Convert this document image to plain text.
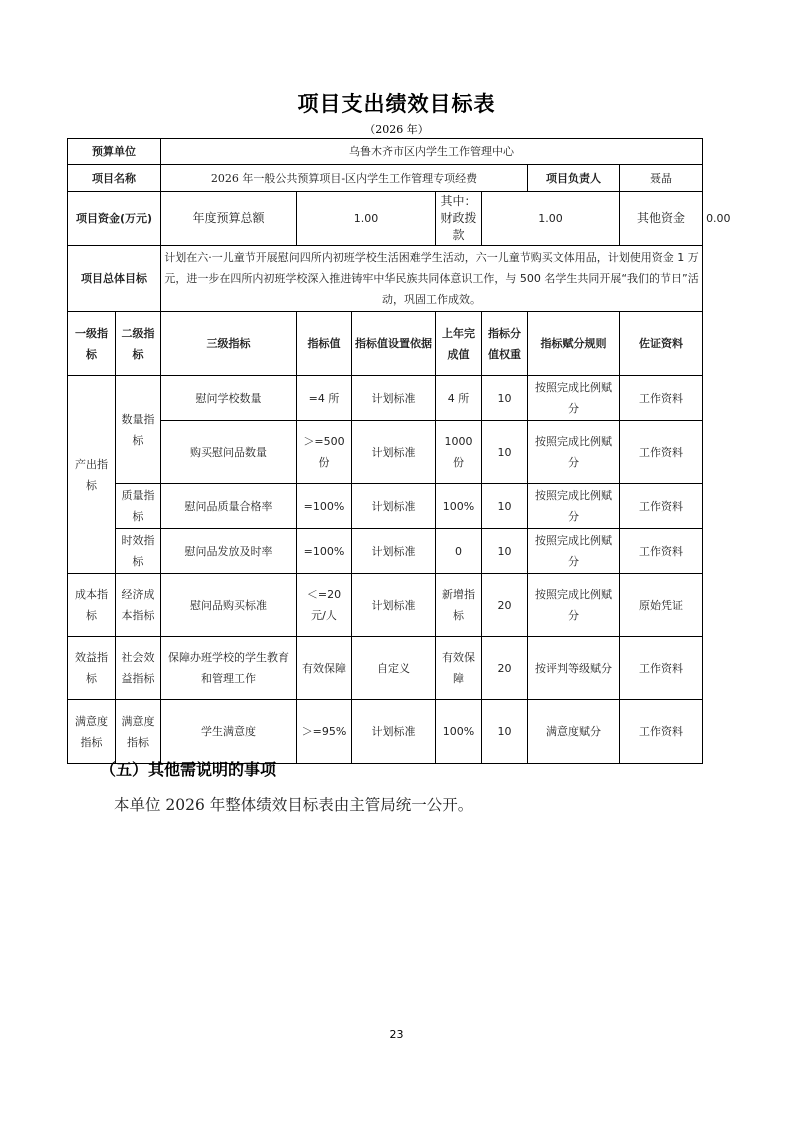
项目支出绩效目标表
（2026 年）
预算单位		乌鲁木齐市区内学生工作管理中心							
项目名称		2026 年一般公共预算项目-区内学生工作管理专项经费					项目负责人	聂晶	
项目资金(万元)		年度预算总额	1.00		其中：财政拨款	1.00		其他资金	0.00
项目总体目标		计划在六·一儿童节开展慰问四所内初班学校生活困难学生活动，六一儿童节购买文体用品，计划使用资金 1 万元，进一步在四所内初班学校深入推进铸牢中华民族共同体意识工作，与 500 名学生共同开展“我们的节日”活动，巩固工作成效。							
一级指标	二级指标	三级指标	指标值	指标值设置依据	上年完成值	指标分值权重	指标赋分规则	佐证资料	
产出指标	数量指标	慰问学校数量	=4 所	计划标准	4 所	10	按照完成比例赋分	工作资料	
		购买慰问品数量	＞=500 份	计划标准	1000 份	10	按照完成比例赋分	工作资料	
	质量指标	慰问品质量合格率	=100%	计划标准	100%	10	按照完成比例赋分	工作资料	
	时效指标	慰问品发放及时率	=100%	计划标准	0	10	按照完成比例赋分	工作资料	
成本指标	经济成本指标	慰问品购买标准	＜=20 元/人	计划标准	新增指标	20	按照完成比例赋分	原始凭证	
效益指标	社会效益指标	保障办班学校的学生教育和管理工作	有效保障	自定义	有效保障	20	按评判等级赋分	工作资料	
满意度指标	满意度指标	学生满意度	＞=95%	计划标准	100%	10	满意度赋分	工作资料	
（五）其他需说明的事项
本单位 2026 年整体绩效目标表由主管局统一公开。
23
